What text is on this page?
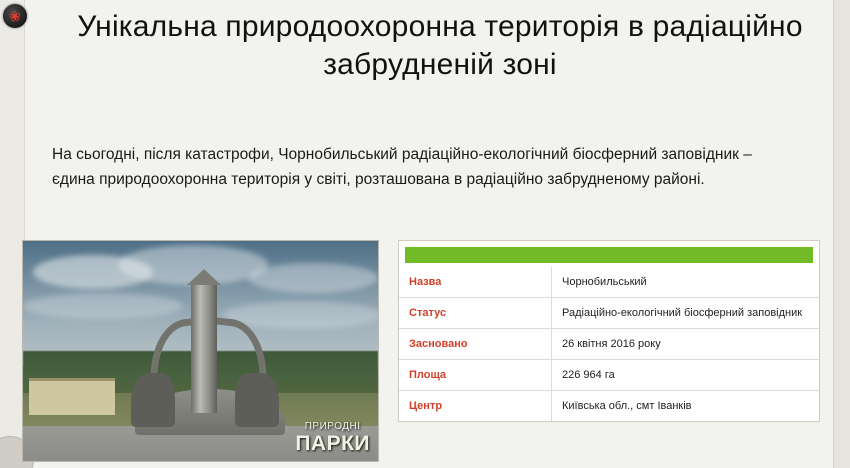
❀	Унікальна природоохоронна територія в радіаційно забрудненій зоні
На сьогодні, після катастрофи, Чорнобильський радіаційно-екологічний біосферний заповідник – єдина природоохоронна територія у світі, розташована в радіаційно забрудненому районі.
ПРИРОДНІ
ПАРКИ
Назва	Чорнобильський
Статус	Радіаційно-екологічний біосферний заповідник
Засновано	26 квітня 2016 року
Площа	226 964 га
Центр	Київська обл., смт Іванків
